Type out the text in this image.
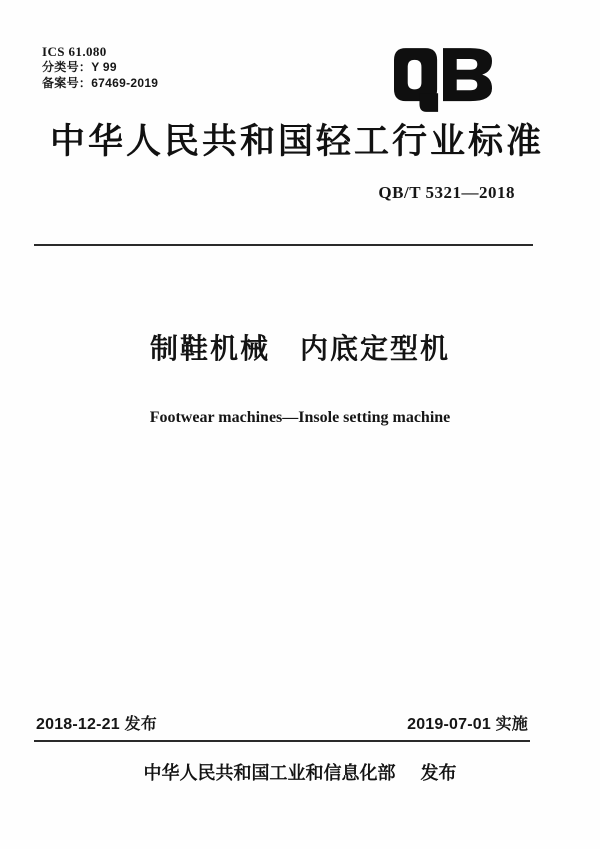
ICS 61.080
分类号：Y 99
备案号：67469-2019
中华人民共和国轻工行业标准
QB/T 5321—2018
制鞋机械　内底定型机
Footwear machines—Insole setting machine
2018-12-21 发布	2019-07-01 实施
中华人民共和国工业和信息化部 发布
